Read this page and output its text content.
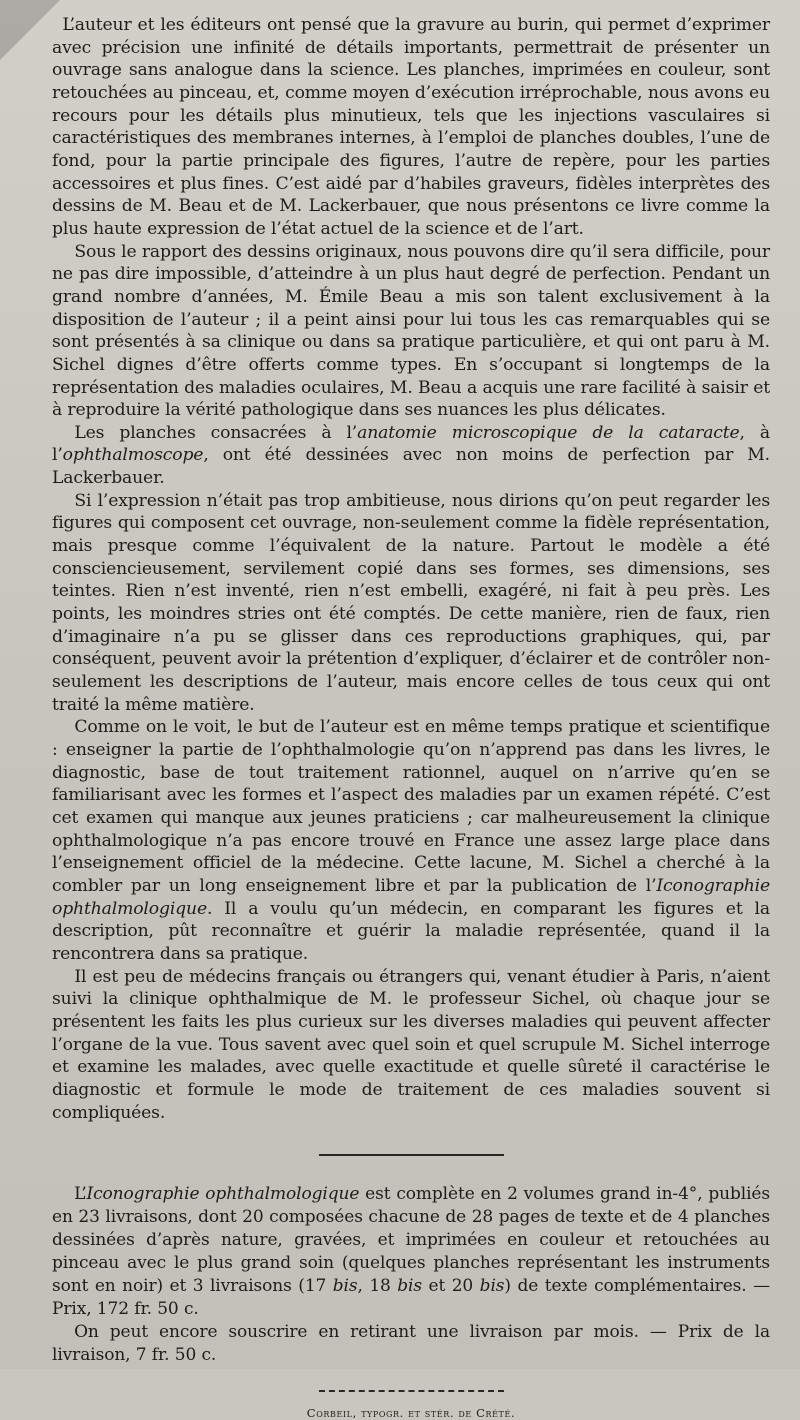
L’auteur et les éditeurs ont pensé que la gravure au burin, qui permet d’exprimer avec précision une infinité de détails importants, permettrait de présenter un ouvrage sans analogue dans la science. Les planches, imprimées en couleur, sont retouchées au pinceau, et, comme moyen d’exécution irréprochable, nous avons eu recours pour les détails plus minutieux, tels que les injections vasculaires si caractéristiques des membranes internes, à l’emploi de planches doubles, l’une de fond, pour la partie principale des figures, l’autre de repère, pour les parties accessoires et plus fines. C’est aidé par d’habiles graveurs, fidèles interprètes des dessins de M. Beau et de M. Lackerbauer, que nous présentons ce livre comme la plus haute expression de l’état actuel de la science et de l’art.

Sous le rapport des dessins originaux, nous pouvons dire qu’il sera difficile, pour ne pas dire impossible, d’atteindre à un plus haut degré de perfection. Pendant un grand nombre d’années, M. Émile Beau a mis son talent exclusivement à la disposition de l’auteur ; il a peint ainsi pour lui tous les cas remarquables qui se sont présentés à sa clinique ou dans sa pratique particulière, et qui ont paru à M. Sichel dignes d’être offerts comme types. En s’occupant si longtemps de la représentation des maladies oculaires, M. Beau a acquis une rare facilité à saisir et à reproduire la vérité pathologique dans ses nuances les plus délicates.

Les planches consacrées à l’anatomie microscopique de la cataracte, à l’ophthalmoscope, ont été dessinées avec non moins de perfection par M. Lackerbauer.

Si l’expression n’était pas trop ambitieuse, nous dirions qu’on peut regarder les figures qui composent cet ouvrage, non-seulement comme la fidèle représentation, mais presque comme l’équivalent de la nature. Partout le modèle a été consciencieusement, servilement copié dans ses formes, ses dimensions, ses teintes. Rien n’est inventé, rien n’est embelli, exagéré, ni fait à peu près. Les points, les moindres stries ont été comptés. De cette manière, rien de faux, rien d’imaginaire n’a pu se glisser dans ces reproductions graphiques, qui, par conséquent, peuvent avoir la prétention d’expliquer, d’éclairer et de contrôler non-seulement les descriptions de l’auteur, mais encore celles de tous ceux qui ont traité la même matière.

Comme on le voit, le but de l’auteur est en même temps pratique et scientifique : enseigner la partie de l’ophthalmologie qu’on n’apprend pas dans les livres, le diagnostic, base de tout traitement rationnel, auquel on n’arrive qu’en se familiarisant avec les formes et l’aspect des maladies par un examen répété. C’est cet examen qui manque aux jeunes praticiens ; car malheureusement la clinique ophthalmologique n’a pas encore trouvé en France une assez large place dans l’enseignement officiel de la médecine. Cette lacune, M. Sichel a cherché à la combler par un long enseignement libre et par la publication de l’Iconographie ophthalmologique. Il a voulu qu’un médecin, en comparant les figures et la description, pût reconnaître et guérir la maladie représentée, quand il la rencontrera dans sa pratique.

Il est peu de médecins français ou étrangers qui, venant étudier à Paris, n’aient suivi la clinique ophthalmique de M. le professeur Sichel, où chaque jour se présentent les faits les plus curieux sur les diverses maladies qui peuvent affecter l’organe de la vue. Tous savent avec quel soin et quel scrupule M. Sichel interroge et examine les malades, avec quelle exactitude et quelle sûreté il caractérise le diagnostic et formule le mode de traitement de ces maladies souvent si compliquées.

L’Iconographie ophthalmologique est complète en 2 volumes grand in-4°, publiés en 23 livraisons, dont 20 composées chacune de 28 pages de texte et de 4 planches dessinées d’après nature, gravées, et imprimées en couleur et retouchées au pinceau avec le plus grand soin (quelques planches représentant les instruments sont en noir) et 3 livraisons (17 bis, 18 bis et 20 bis) de texte complémentaires. — Prix, 172 fr. 50 c.

On peut encore souscrire en retirant une livraison par mois. — Prix de la livraison, 7 fr. 50 c.

Corbeil, typogr. et stér. de Crété.
